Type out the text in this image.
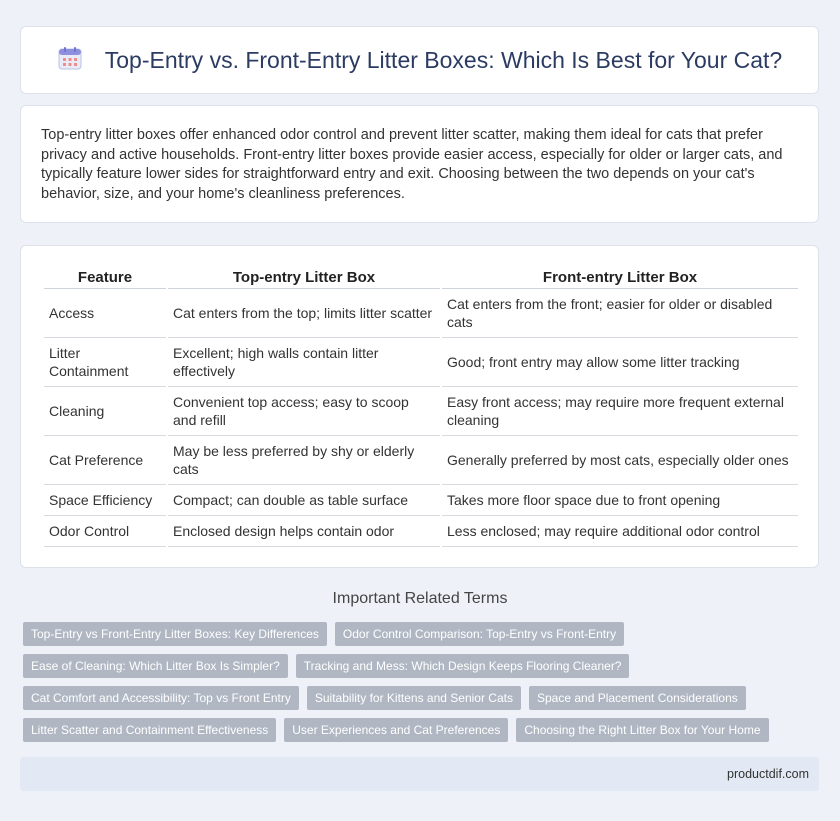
Top-Entry vs. Front-Entry Litter Boxes: Which Is Best for Your Cat?

Top-entry litter boxes offer enhanced odor control and prevent litter scatter, making them ideal for cats that prefer privacy and active households. Front-entry litter boxes provide easier access, especially for older or larger cats, and typically feature lower sides for straightforward entry and exit. Choosing between the two depends on your cat's behavior, size, and your home's cleanliness preferences.

Feature	Top-entry Litter Box	Front-entry Litter Box
Access	Cat enters from the top; limits litter scatter	Cat enters from the front; easier for older or disabled cats
Litter Containment	Excellent; high walls contain litter effectively	Good; front entry may allow some litter tracking
Cleaning	Convenient top access; easy to scoop and refill	Easy front access; may require more frequent external cleaning
Cat Preference	May be less preferred by shy or elderly cats	Generally preferred by most cats, especially older ones
Space Efficiency	Compact; can double as table surface	Takes more floor space due to front opening
Odor Control	Enclosed design helps contain odor	Less enclosed; may require additional odor control
Important Related Terms
Top-Entry vs Front-Entry Litter Boxes: Key Differences	Odor Control Comparison: Top-Entry vs Front-Entry
Ease of Cleaning: Which Litter Box Is Simpler?	Tracking and Mess: Which Design Keeps Flooring Cleaner?
Cat Comfort and Accessibility: Top vs Front Entry	Suitability for Kittens and Senior Cats	Space and Placement Considerations
Litter Scatter and Containment Effectiveness	User Experiences and Cat Preferences	Choosing the Right Litter Box for Your Home
productdif.com
